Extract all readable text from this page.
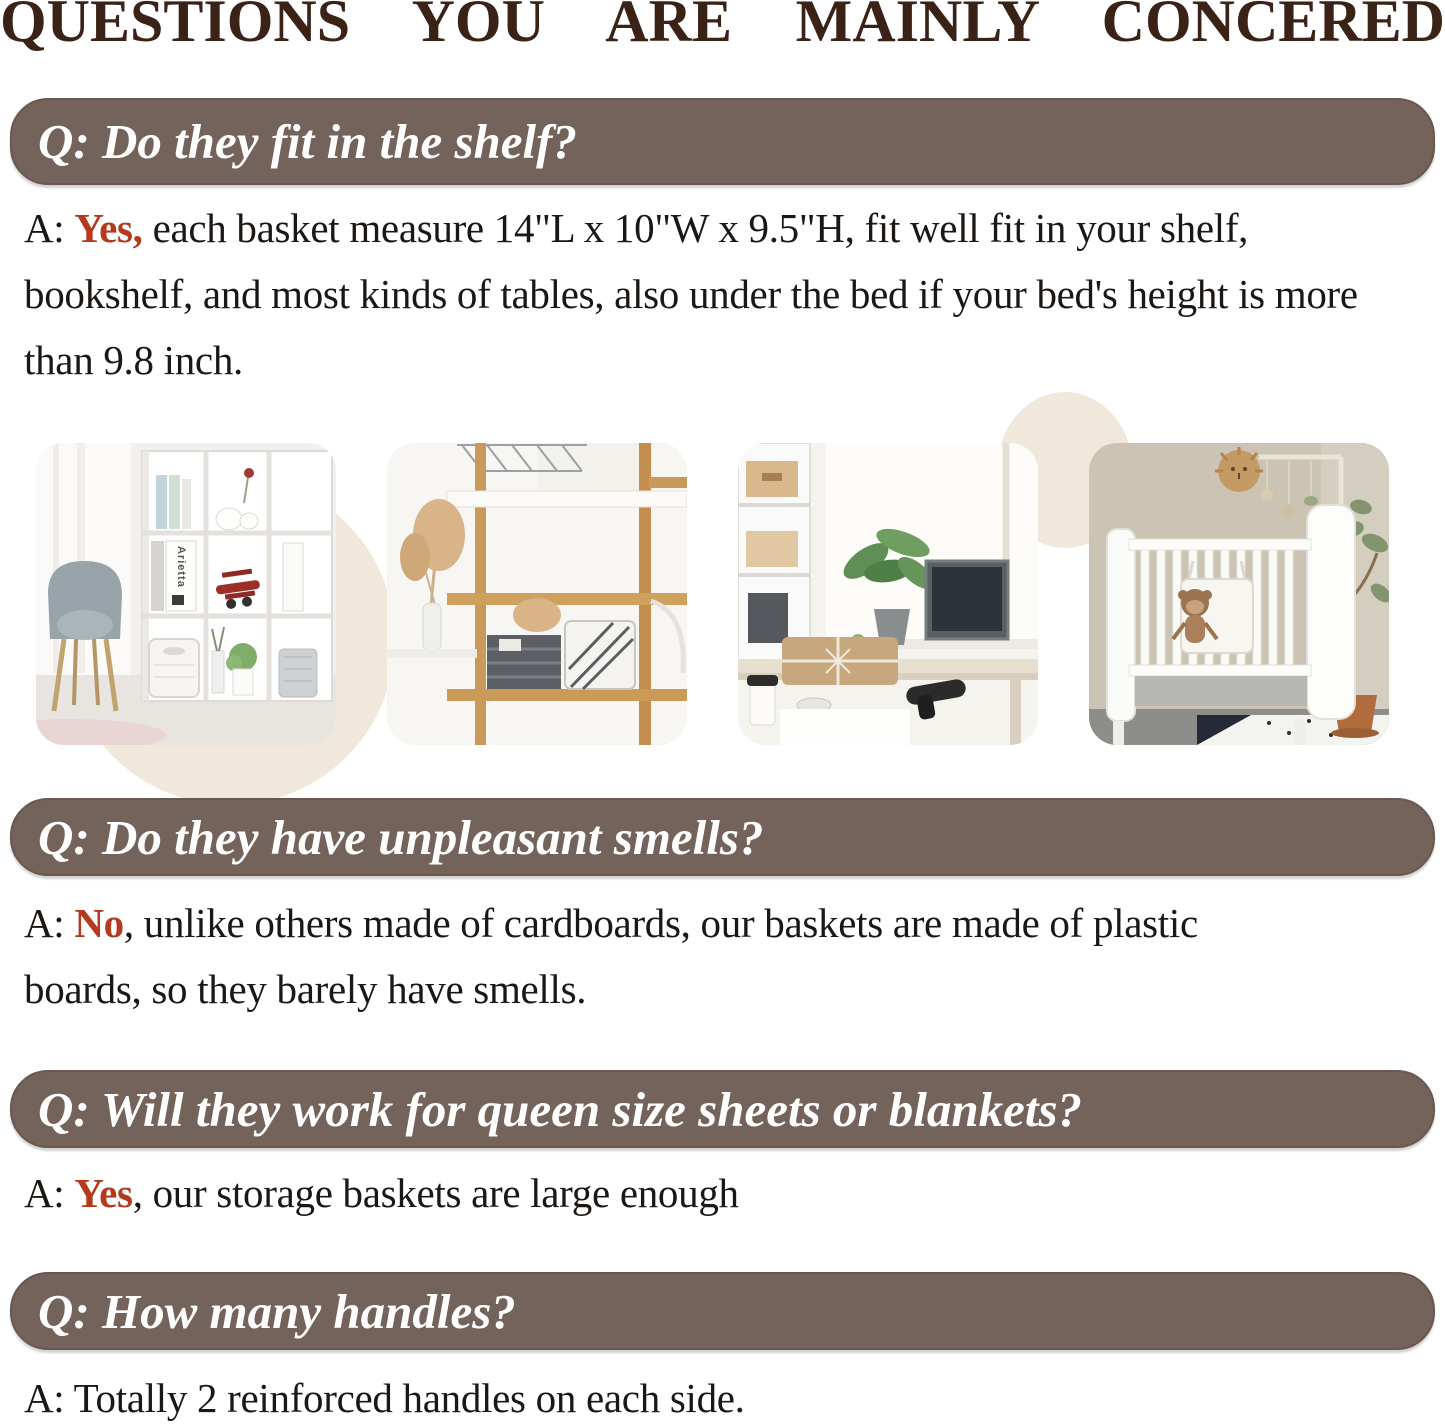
QUESTIONS YOU ARE MAINLY CONCERED
Q: Do they fit in the shelf?
A: Yes, each basket measure 14"L x 10"W x 9.5"H, fit well fit in your shelf, bookshelf, and most kinds of tables, also under the bed if your bed's height is more than 9.8 inch.
Arietta
Q: Do they have unpleasant smells?
A: No, unlike others made of cardboards, our baskets are made of plastic boards, so they barely have smells.
Q: Will they work for queen size sheets or blankets?
A: Yes, our storage baskets are large enough
Q: How many handles?
A: Totally 2 reinforced handles on each side.
